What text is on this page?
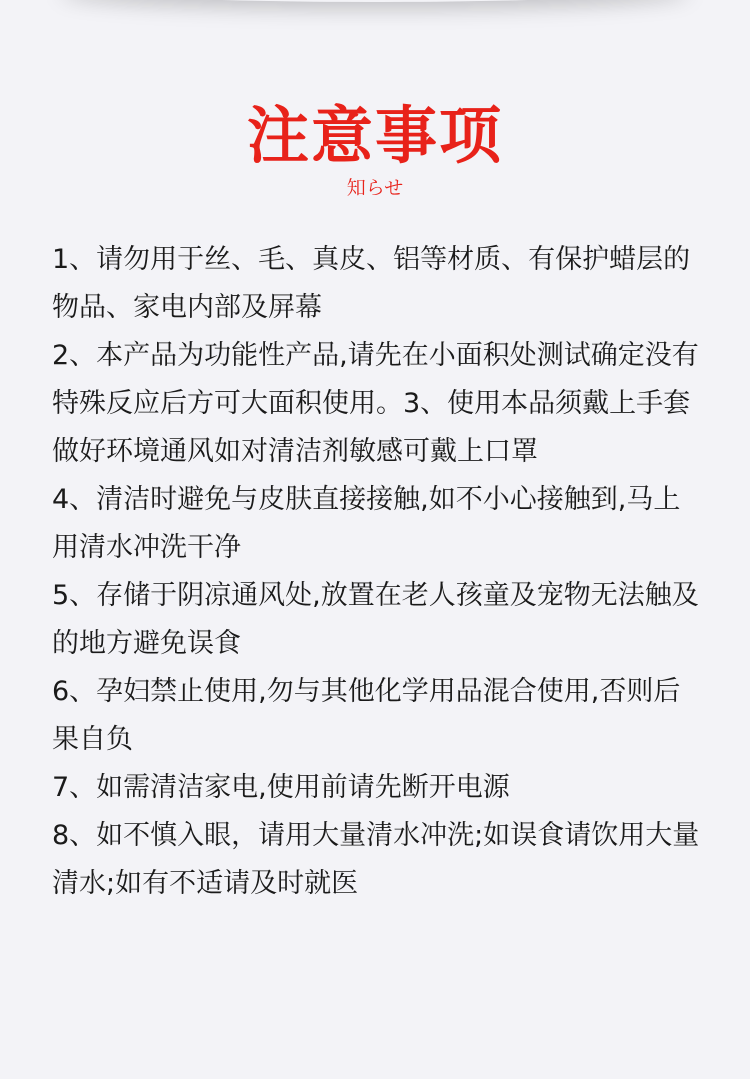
注意事项
知らせ
1、请勿用于丝、毛、真皮、铝等材质、有保护蜡层的物品、家电内部及屏幕
2、本产品为功能性产品,请先在小面积处测试确定没有特殊反应后方可大面积使用。3、使用本品须戴上手套做好环境通风如对清洁剂敏感可戴上口罩
4、清洁时避免与皮肤直接接触,如不小心接触到,马上用清水冲洗干净
5、存储于阴凉通风处,放置在老人孩童及宠物无法触及的地方避免误食
6、孕妇禁止使用,勿与其他化学用品混合使用,否则后果自负
7、如需清洁家电,使用前请先断开电源
8、如不慎入眼，请用大量清水冲洗;如误食请饮用大量清水;如有不适请及时就医
